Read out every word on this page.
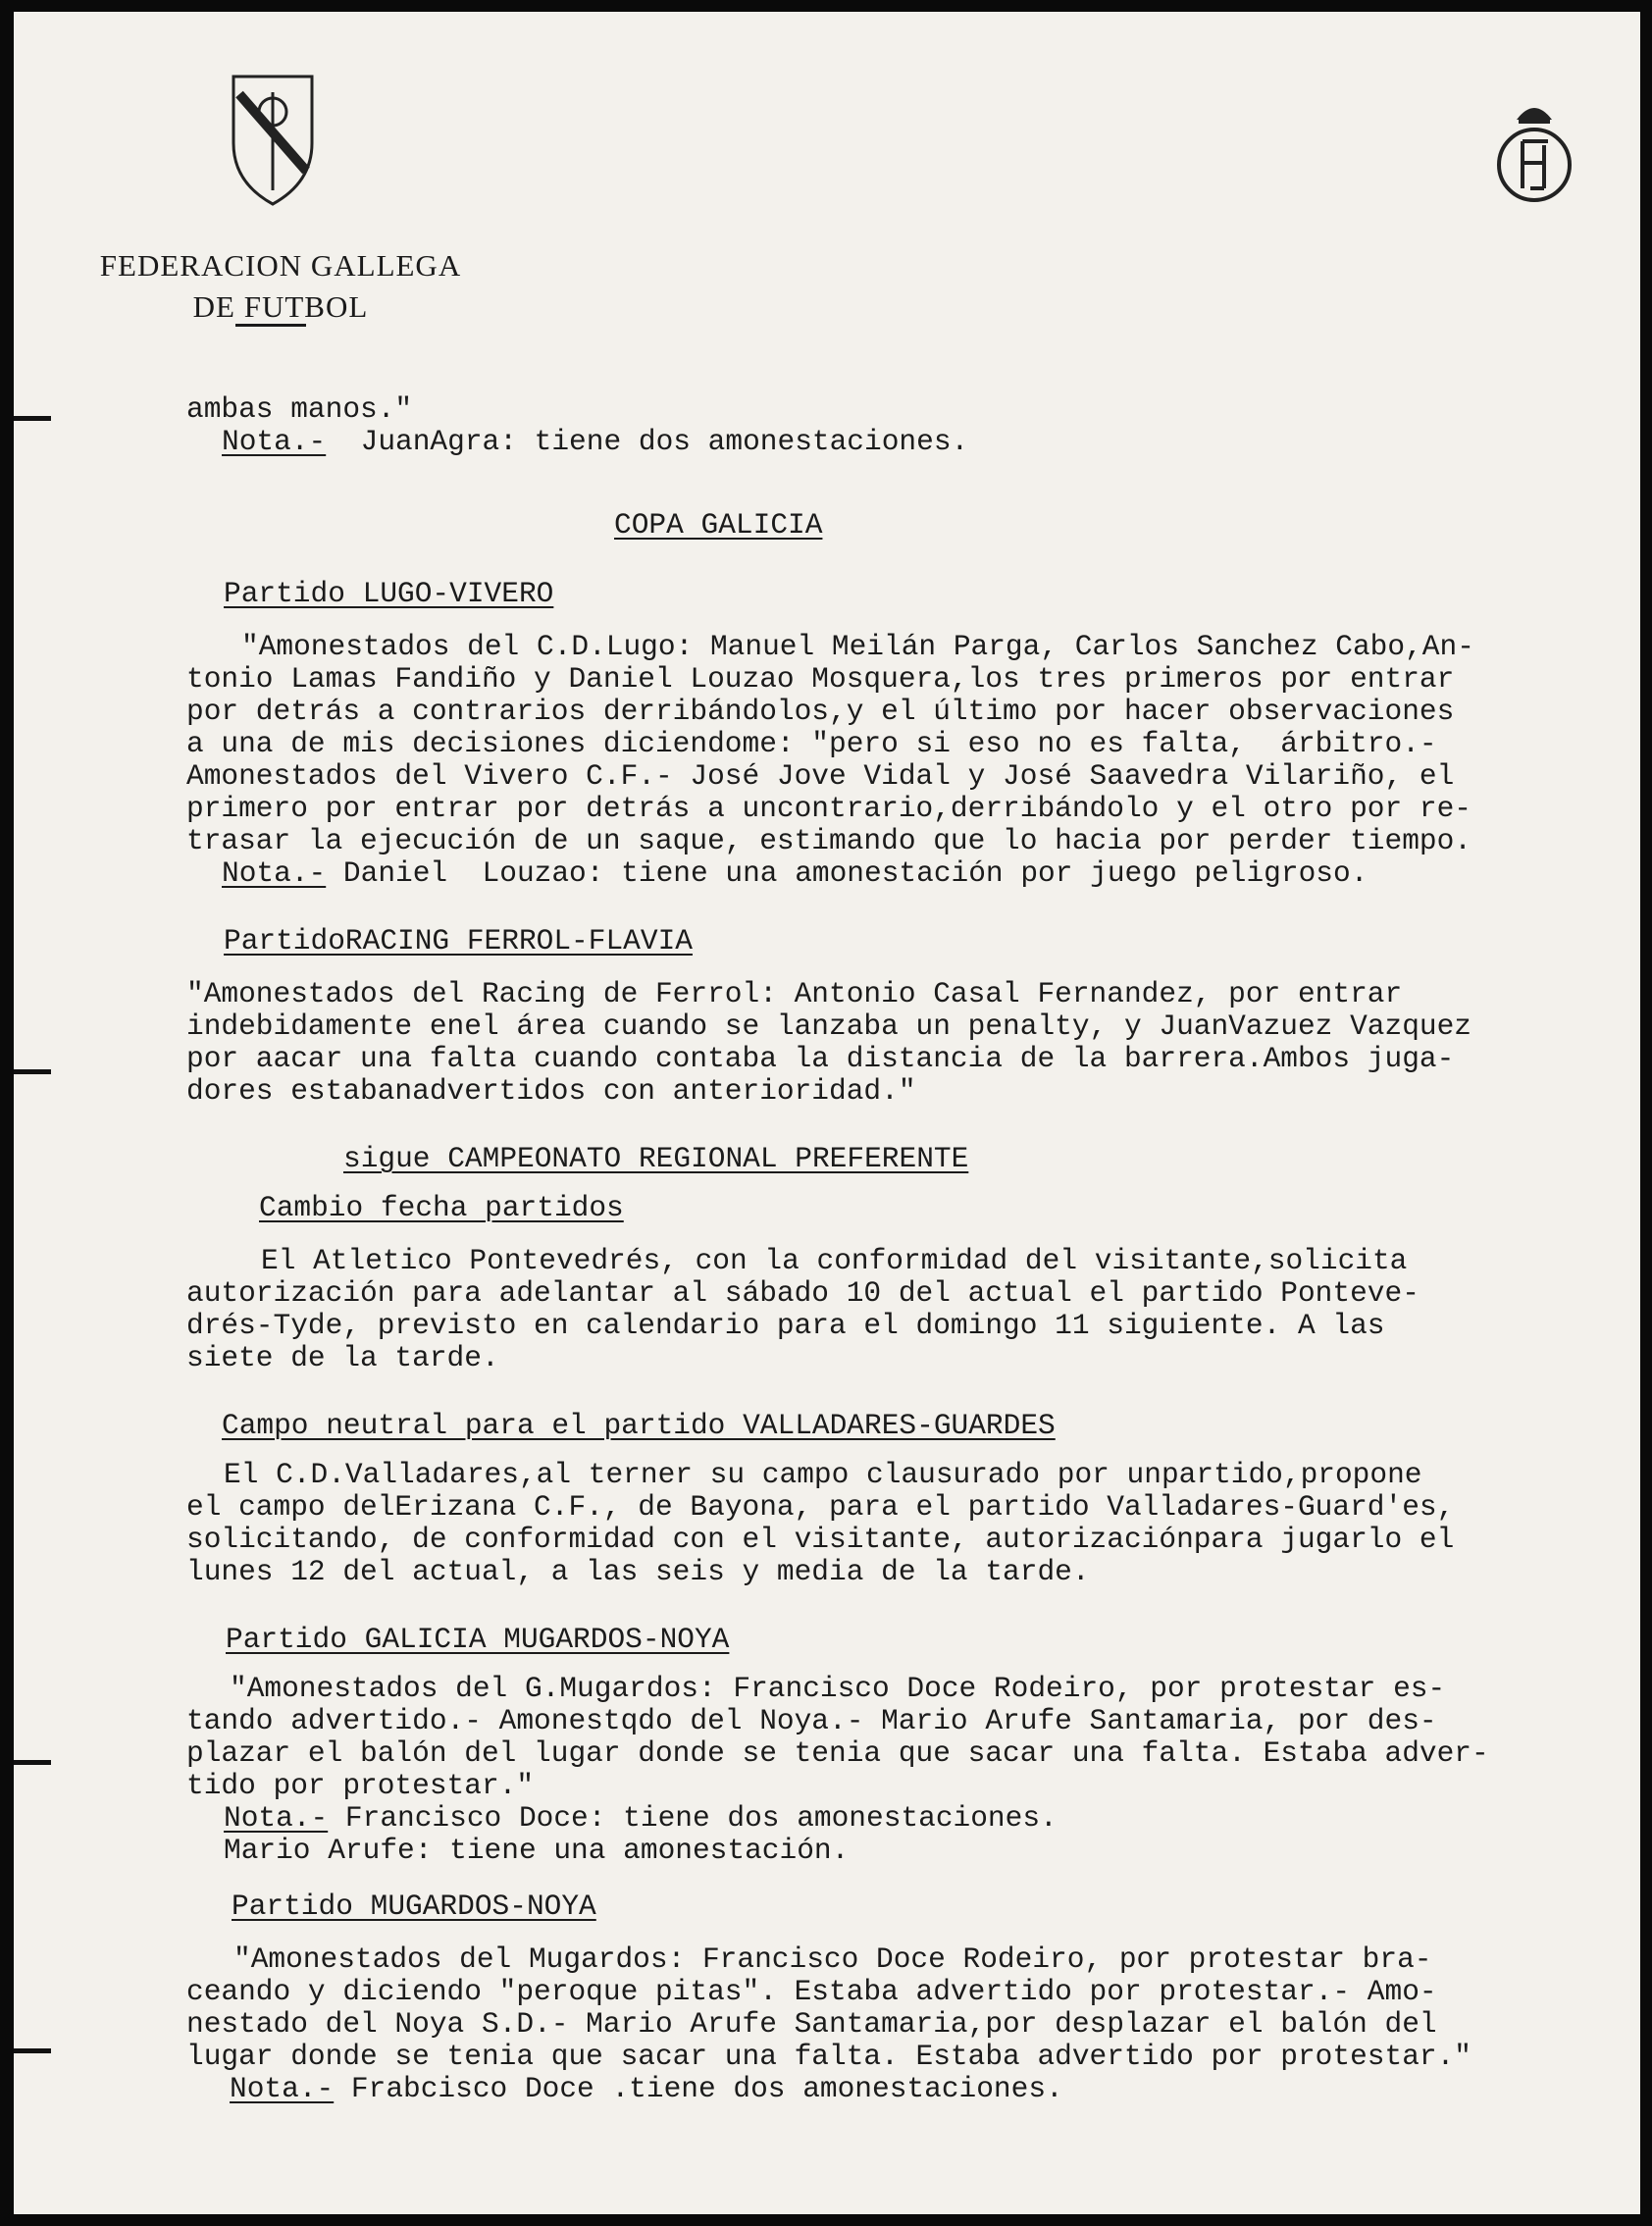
FEDERACION GALLEGA
DE FUTBOL
ambas manos."
Nota.- JuanAgra: tiene dos amonestaciones.
COPA GALICIA
Partido LUGO-VIVERO
"Amonestados del C.D.Lugo: Manuel Meilán Parga, Carlos Sanchez Cabo,An-
tonio Lamas Fandiño y Daniel Louzao Mosquera,los tres primeros por entrar
por detrás a contrarios derribándolos,y el último por hacer observaciones
a una de mis decisiones diciendome: "pero si eso no es falta,  árbitro.-
Amonestados del Vivero C.F.- José Jove Vidal y José Saavedra Vilariño, el
primero por entrar por detrás a uncontrario,derribándolo y el otro por re-
trasar la ejecución de un saque, estimando que lo hacia por perder tiempo.
Nota.- Daniel  Louzao: tiene una amonestación por juego peligroso.
PartidoRACING FERROL-FLAVIA
"Amonestados del Racing de Ferrol: Antonio Casal Fernandez, por entrar
indebidamente enel área cuando se lanzaba un penalty, y JuanVazuez Vazquez
por aacar una falta cuando contaba la distancia de la barrera.Ambos juga-
dores estabanadvertidos con anterioridad."
sigue CAMPEONATO REGIONAL PREFERENTE
Cambio fecha partidos
El Atletico Pontevedrés, con la conformidad del visitante,solicita
autorización para adelantar al sábado 10 del actual el partido Ponteve-
drés-Tyde, previsto en calendario para el domingo 11 siguiente. A las
siete de la tarde.
Campo neutral para el partido VALLADARES-GUARDES
El C.D.Valladares,al terner su campo clausurado por unpartido,propone
el campo delErizana C.F., de Bayona, para el partido Valladares-Guard'es,
solicitando, de conformidad con el visitante, autorizaciónpara jugarlo el
lunes 12 del actual, a las seis y media de la tarde.
Partido GALICIA MUGARDOS-NOYA
"Amonestados del G.Mugardos: Francisco Doce Rodeiro, por protestar es-
tando advertido.- Amonestqdo del Noya.- Mario Arufe Santamaria, por des-
plazar el balón del lugar donde se tenia que sacar una falta. Estaba adver-
tido por protestar."
Nota.- Francisco Doce: tiene dos amonestaciones.
Mario Arufe: tiene una amonestación.
Partido MUGARDOS-NOYA
"Amonestados del Mugardos: Francisco Doce Rodeiro, por protestar bra-
ceando y diciendo "peroque pitas". Estaba advertido por protestar.- Amo-
nestado del Noya S.D.- Mario Arufe Santamaria,por desplazar el balón del
lugar donde se tenia que sacar una falta. Estaba advertido por protestar."
Nota.- Frabcisco Doce .tiene dos amonestaciones.
